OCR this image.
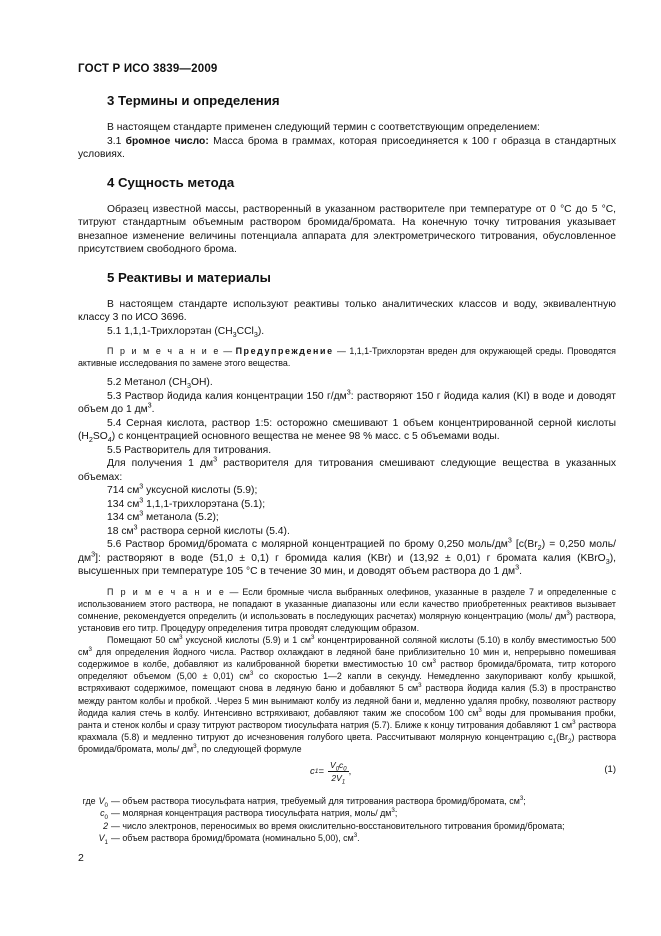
ГОСТ Р ИСО 3839—2009
3 Термины и определения

В настоящем стандарте применен следующий термин с соответствующим определением:

3.1 бромное число: Масса брома в граммах, которая присоединяется к 100 г образца в стандартных условиях.

4 Сущность метода

Образец известной массы, растворенный в указанном растворителе при температуре от 0 °С до 5 °С, титруют стандартным объемным раствором бромида/бромата. На конечную точку титрования указывает внезапное изменение величины потенциала аппарата для электрометрического титрования, обусловленное присутствием свободного брома.

5 Реактивы и материалы

В настоящем стандарте используют реактивы только аналитических классов и воду, эквивалентную классу 3 по ИСО 3696.

5.1 1,1,1-Трихлорэтан $(CH_3CCl_3)$.

П р и м е ч а н и е — Предупреждение — 1,1,1-Трихлорэтан вреден для окружающей среды. Проводятся активные исследования по замене этого вещества.

5.2 Метанол $(CH_3OH)$.

5.3 Раствор йодида калия концентрации 150 $г/дм^3$: растворяют 150 г йодида калия (KI) в воде и доводят объем до 1 $дм^3$.

5.4 Серная кислота, раствор 1:5: осторожно смешивают 1 объем концентрированной серной кислоты $(H_2SO_4)$ с концентрацией основного вещества не менее 98 % масс. с 5 объемами воды.

5.5 Растворитель для титрования.

Для получения 1 $дм^3$ растворителя для титрования смешивают следующие вещества в указанных объемах:

714 $см^3$ уксусной кислоты (5.9);

134 $см^3$ 1,1,1-трихлорэтана (5.1);

134 $см^3$ метанола (5.2);

18 $см^3$ раствора серной кислоты (5.4).

5.6 Раствор бромид/бромата с молярной концентрацией по брому 0,250 моль/$дм^3$ [$c(Br_2) = 0,250$ моль/$дм^3$]: растворяют в воде (51,0 ± 0,1) г бромида калия (KBr) и (13,92 ± 0,01) г бромата калия (KBrO$_3$), высушенных при температуре 105 °С в течение 30 мин, и доводят объем раствора до 1 $дм^3$.

П р и м е ч а н и е — Если бромные числа выбранных олефинов, указанные в разделе 7 и определенные с использованием этого раствора, не попадают в указанные диапазоны или если качество приобретенных реактивов вызывает сомнение, рекомендуется определить (и использовать в последующих расчетах) молярную концентрацию (моль/ $дм^3$) раствора, установив его титр. Процедуру определения титра проводят следующим образом.

Помещают 50 $см^3$ уксусной кислоты (5.9) и 1 $см^3$ концентрированной соляной кислоты (5.10) в колбу вместимостью 500 $см^3$ для определения йодного числа. Раствор охлаждают в ледяной бане приблизительно 10 мин и, непрерывно помешивая содержимое в колбе, добавляют из калиброванной бюретки вместимостью 10 $см^3$ раствор бромида/бромата, титр которого определяют объемом (5,00 ± 0,01) $см^3$ со скоростью 1—2 капли в секунду. Немедленно закупоривают колбу крышкой, встряхивают содержимое, помещают снова в ледяную баню и добавляют 5 $см^3$ раствора йодида калия (5.3) в пространство между рантом колбы и пробкой. .Через 5 мин вынимают колбу из ледяной бани и, медленно удаляя пробку, позволяют раствору йодида калия стечь в колбу. Интенсивно встряхивают, добавляют таким же способом 100 $см^3$ воды для промывания пробки, ранта и стенок колбы и сразу титруют раствором тиосульфата натрия (5.7). Ближе к концу титрования добавляют 1 $см^3$ раствора крахмала (5.8) и медленно титруют до исчезновения голубого цвета. Рассчитывают молярную концентрацию $c_1(Br_2)$ раствора бромида/бромата, моль/ $дм^3$, по следующей формуле

c $1 = \frac{V_0c_0}{2V_1}$ ,	(1)
где $V_0$ — объем раствора тиосульфата натрия, требуемый для титрования раствора бромид/бромата, $см^3$;
$c_0$ — молярная концентрация раствора тиосульфата натрия, моль/ $дм^3$;
2 — число электронов, переносимых во время окислительно-восстановительного титрования бромид/бромата;
$V_1$ — объем раствора бромид/бромата (номинально 5,00), $см^3$.
2
